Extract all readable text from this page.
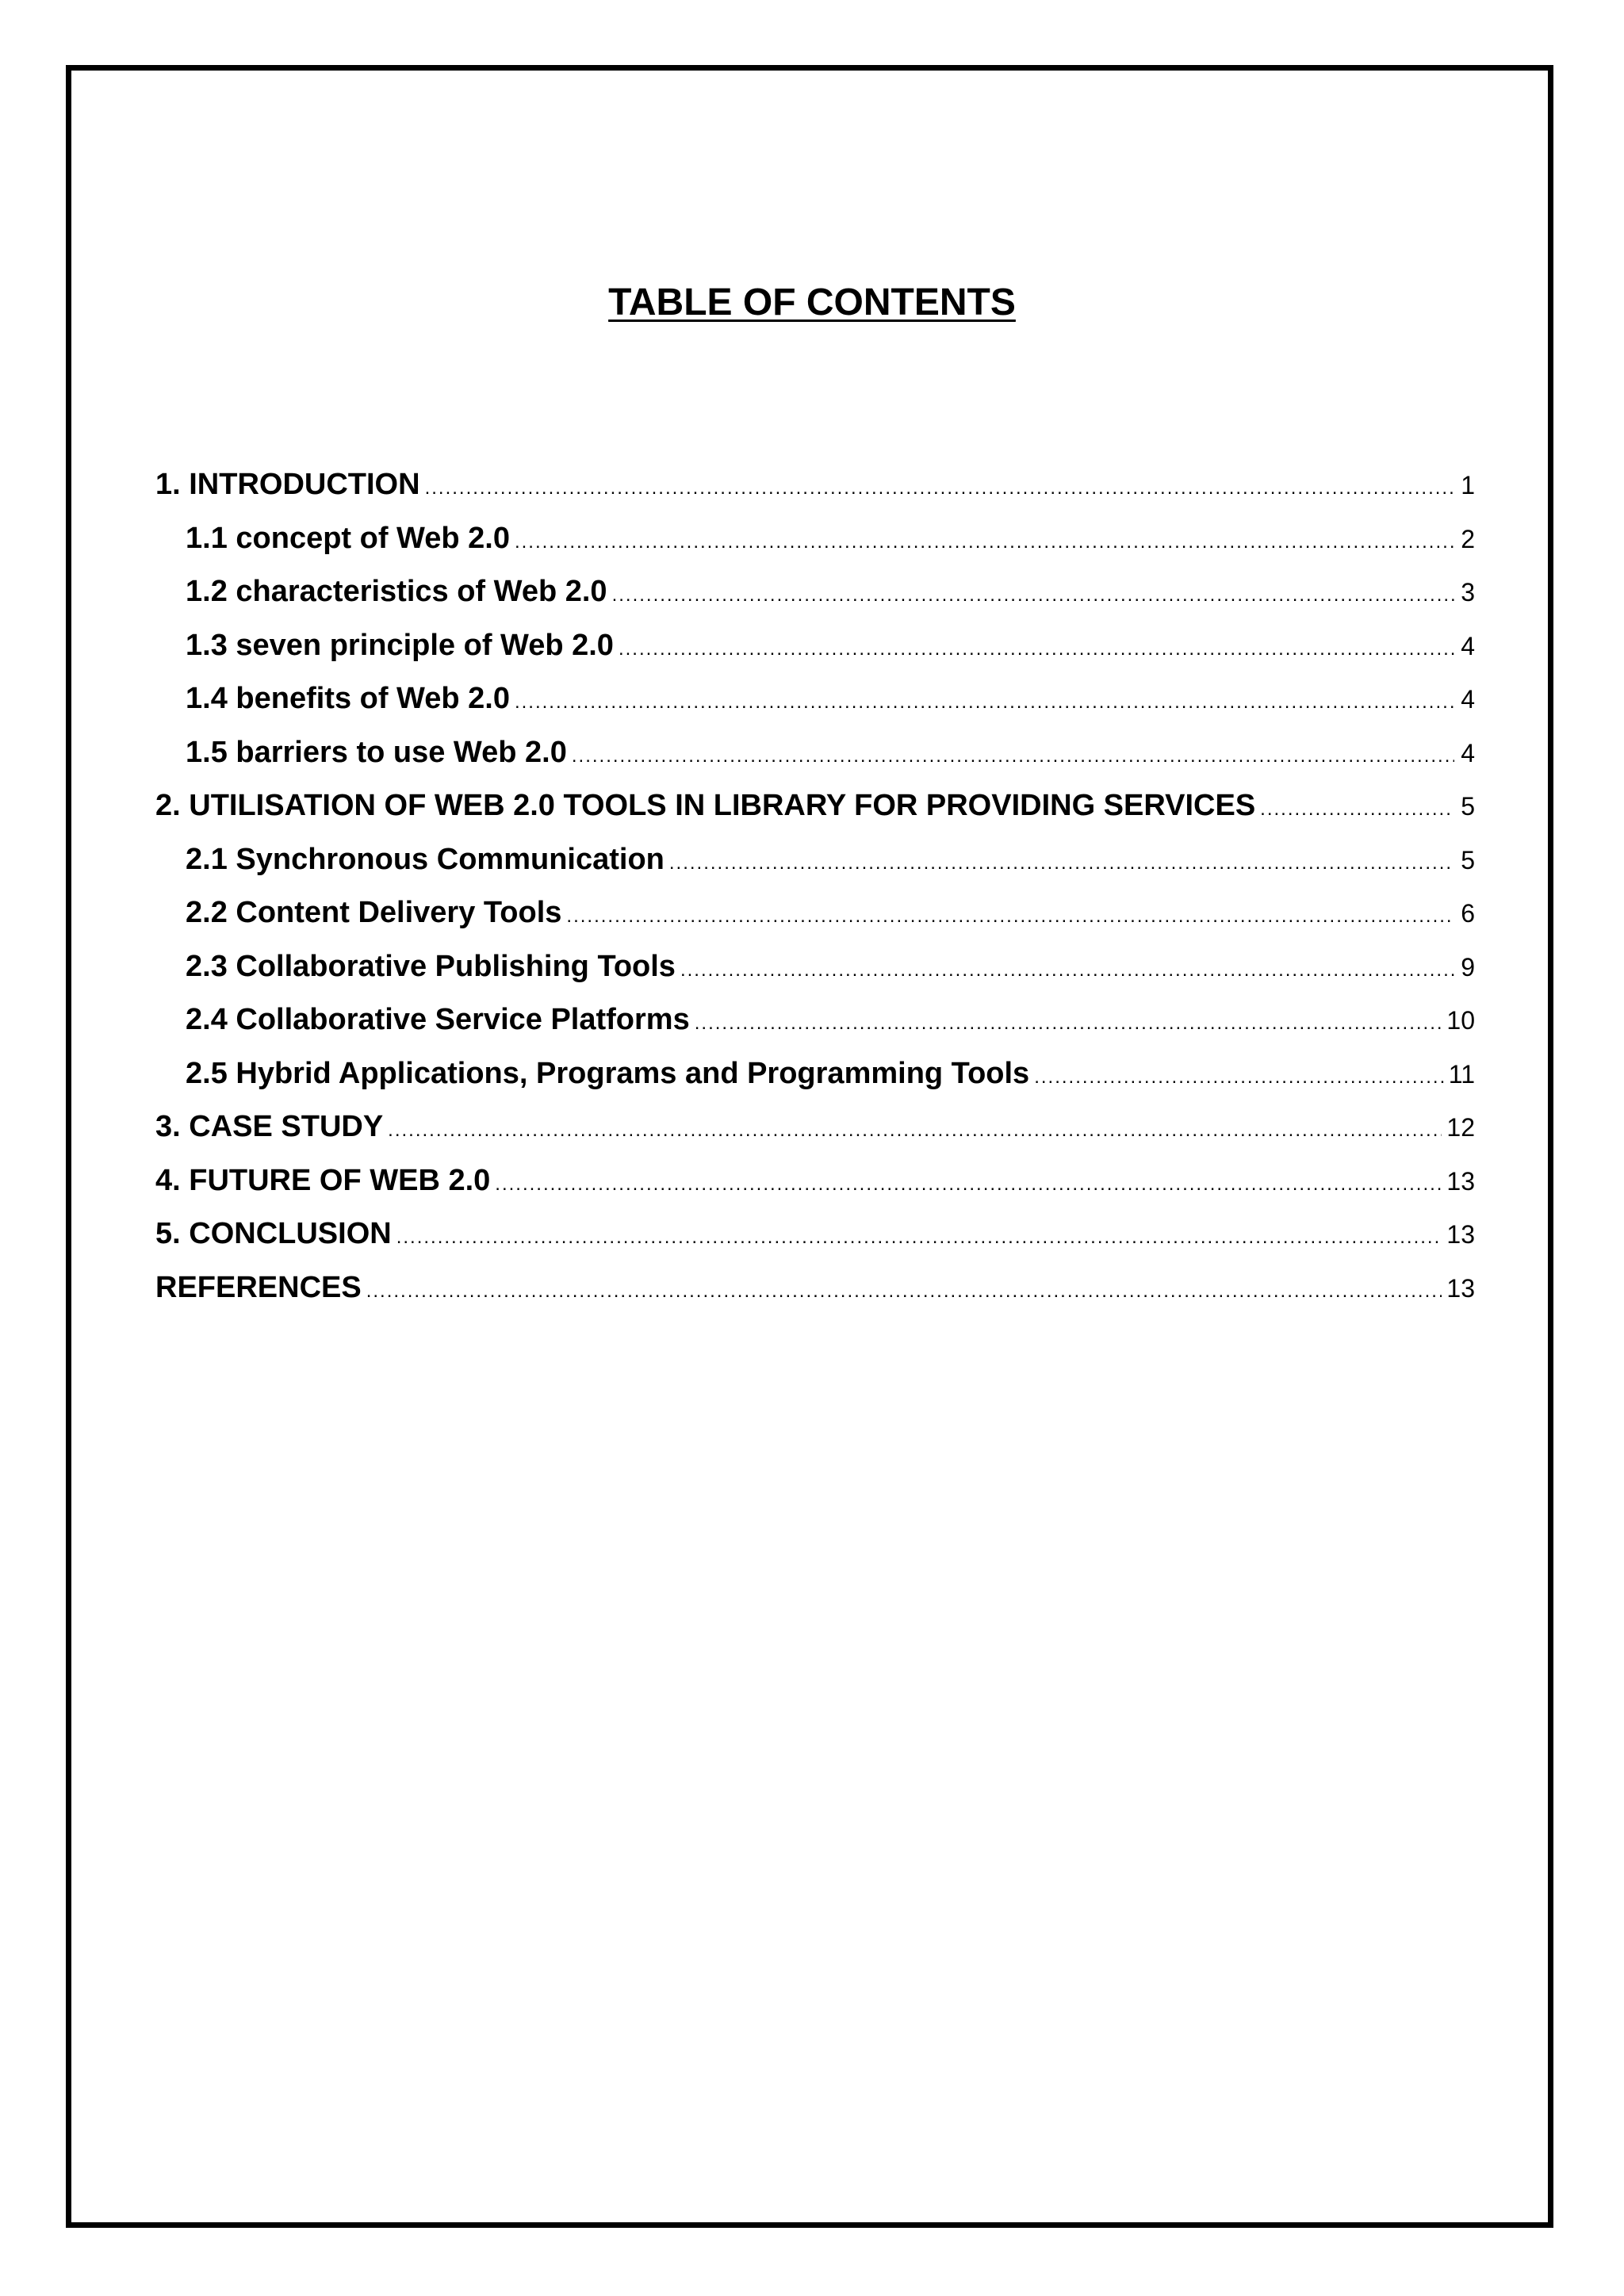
TABLE OF CONTENTS
1. INTRODUCTION .....	1
1.1 concept of Web 2.0 .....	2
1.2 characteristics of Web 2.0 .....	3
1.3 seven principle of Web 2.0 .....	4
1.4 benefits of Web 2.0 .....	4
1.5 barriers to use Web 2.0 .....	4
2. UTILISATION OF WEB 2.0 TOOLS IN LIBRARY FOR PROVIDING SERVICES .....	5
2.1 Synchronous Communication .....	5
2.2 Content Delivery Tools .....	6
2.3 Collaborative Publishing Tools .....	9
2.4 Collaborative Service Platforms .....	10
2.5 Hybrid Applications, Programs and Programming Tools .....	11
3. CASE STUDY .....	12
4. FUTURE OF WEB 2.0 .....	13
5. CONCLUSION .....	13
REFERENCES .....	13
